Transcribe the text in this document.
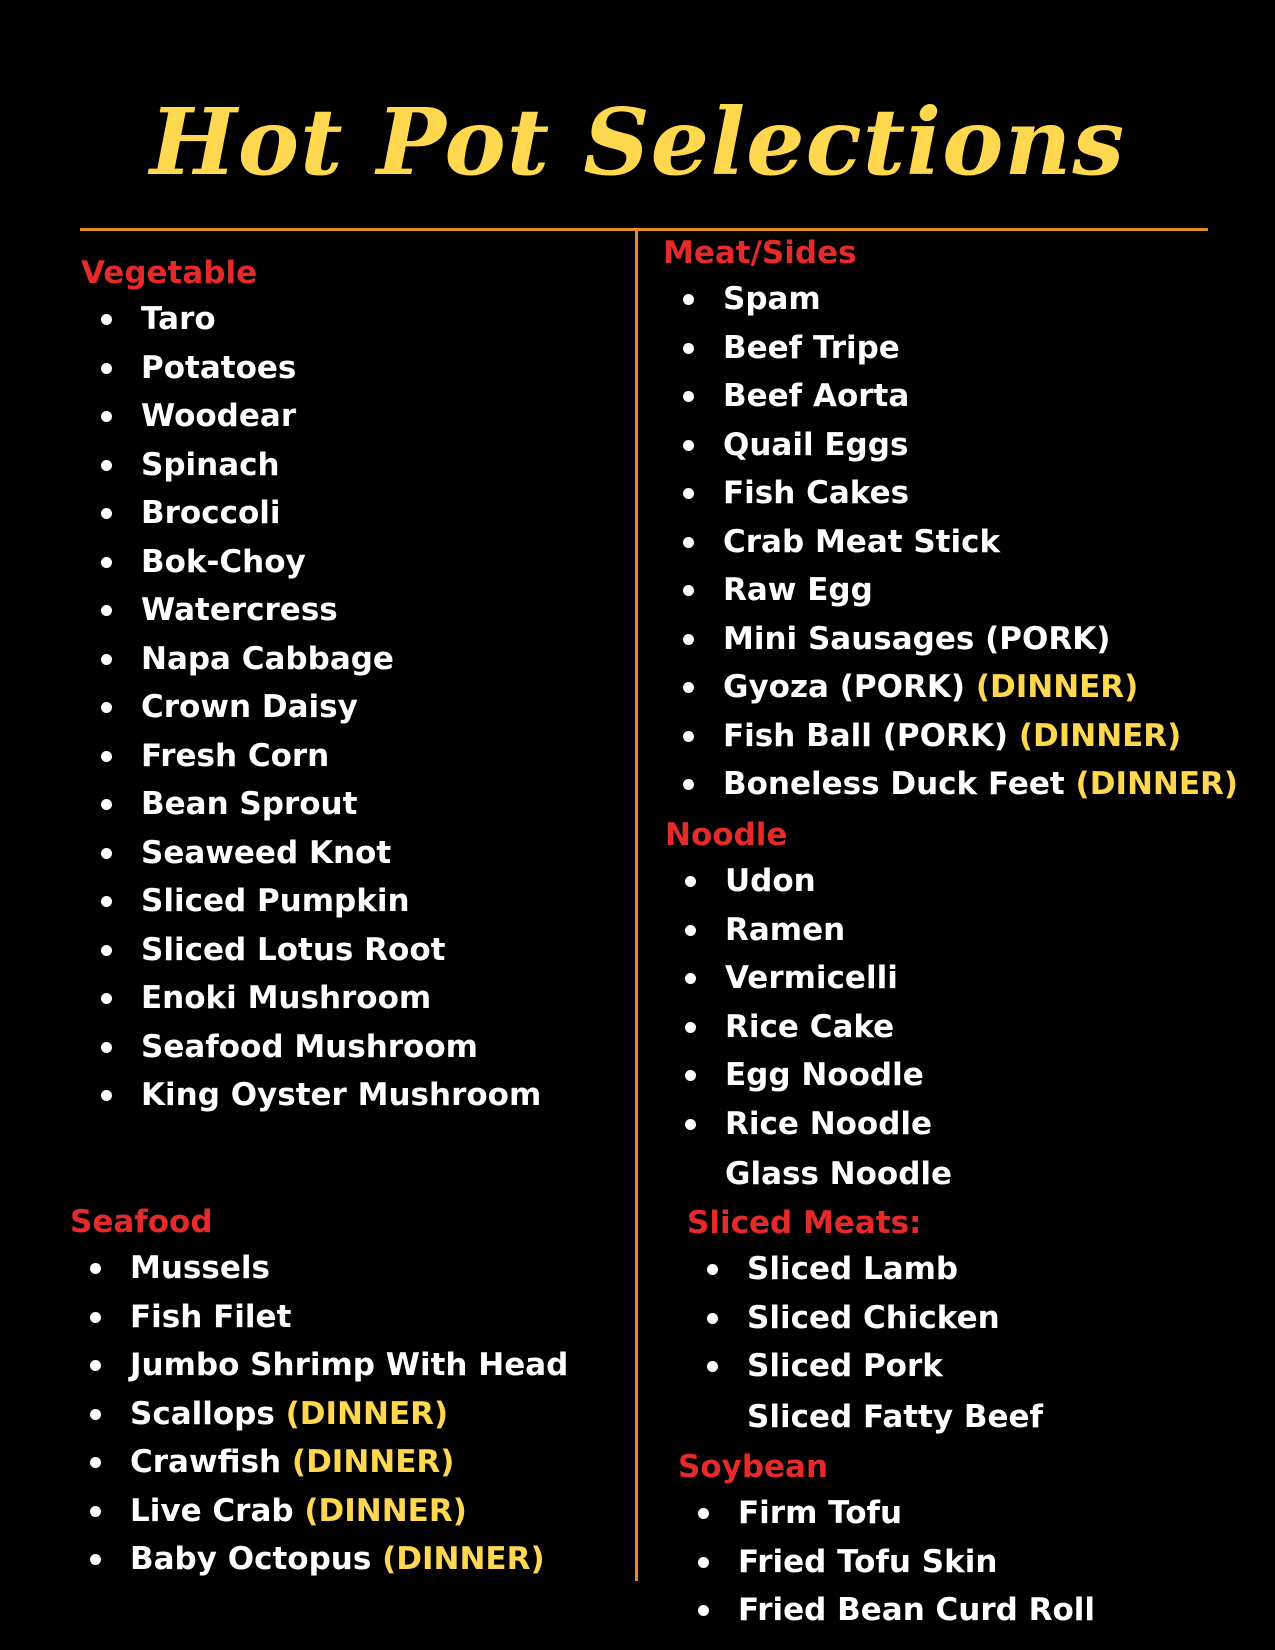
Hot Pot Selections
Vegetable
Taro
Potatoes
Woodear
Spinach
Broccoli
Bok-Choy
Watercress
Napa Cabbage
Crown Daisy
Fresh Corn
Bean Sprout
Seaweed Knot
Sliced Pumpkin
Sliced Lotus Root
Enoki Mushroom
Seafood Mushroom
King Oyster Mushroom
Seafood
Mussels
Fish Filet
Jumbo Shrimp With Head
Scallops (DINNER)
Crawfish (DINNER)
Live Crab (DINNER)
Baby Octopus (DINNER)
Meat/Sides
Spam
Beef Tripe
Beef Aorta
Quail Eggs
Fish Cakes
Crab Meat Stick
Raw Egg
Mini Sausages (PORK)
Gyoza (PORK) (DINNER)
Fish Ball (PORK) (DINNER)
Boneless Duck Feet (DINNER)
Noodle
Udon
Ramen
Vermicelli
Rice Cake
Egg Noodle
Rice Noodle
Glass Noodle
Sliced Meats:
Sliced Lamb
Sliced Chicken
Sliced Pork
Sliced Fatty Beef
Soybean
Firm Tofu
Fried Tofu Skin
Fried Bean Curd Roll
